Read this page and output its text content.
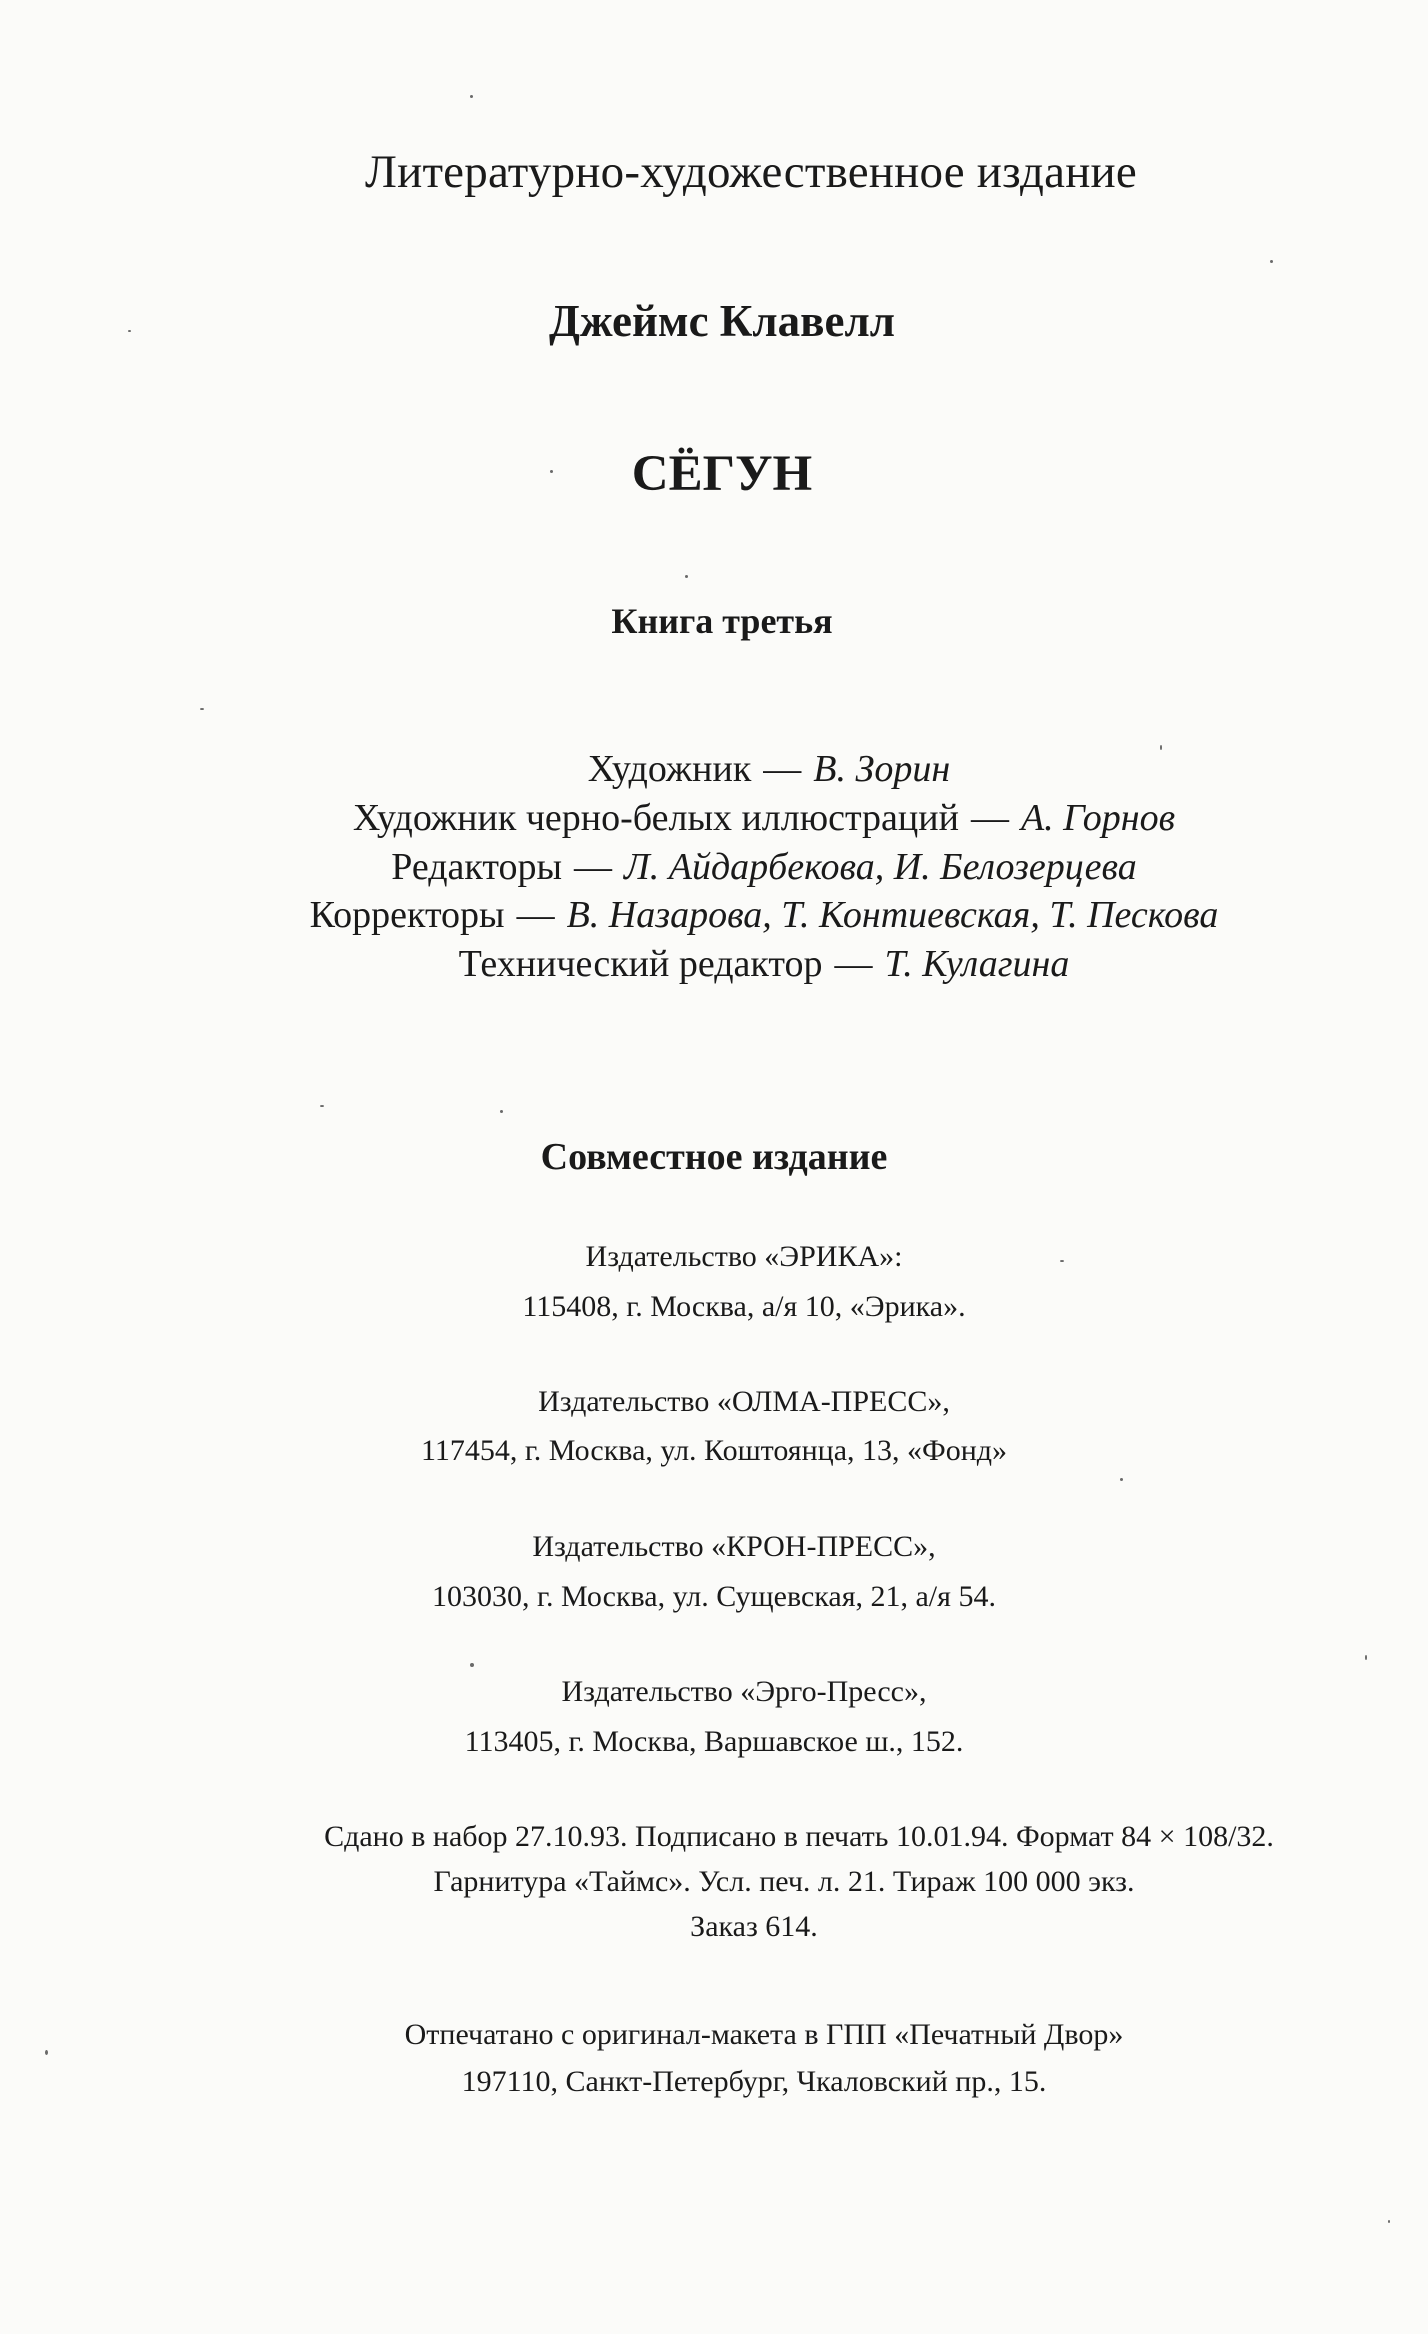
Литературно-художественное издание
Джеймс Клавелл
СЁГУН
Книга третья
Художник — В. Зорин
Художник черно-белых иллюстраций — А. Горнов
Редакторы — Л. Айдарбекова, И. Белозерцева
Корректоры — В. Назарова, Т. Контиевская, Т. Пескова
Технический редактор — Т. Кулагина
Совместное издание
Издательство «ЭРИКА»:
115408, г. Москва, а/я 10, «Эрика».
Издательство «ОЛМА-ПРЕСС»,
117454, г. Москва, ул. Коштоянца, 13, «Фонд»
Издательство «КРОН-ПРЕСС»,
103030, г. Москва, ул. Сущевская, 21, а/я 54.
Издательство «Эрго-Пресс»,
113405, г. Москва, Варшавское ш., 152.
Сдано в набор 27.10.93. Подписано в печать 10.01.94. Формат 84 × 108/32.
Гарнитура «Таймс». Усл. печ. л. 21. Тираж 100 000 экз.
Заказ 614.
Отпечатано с оригинал-макета в ГПП «Печатный Двор»
197110, Санкт-Петербург, Чкаловский пр., 15.
